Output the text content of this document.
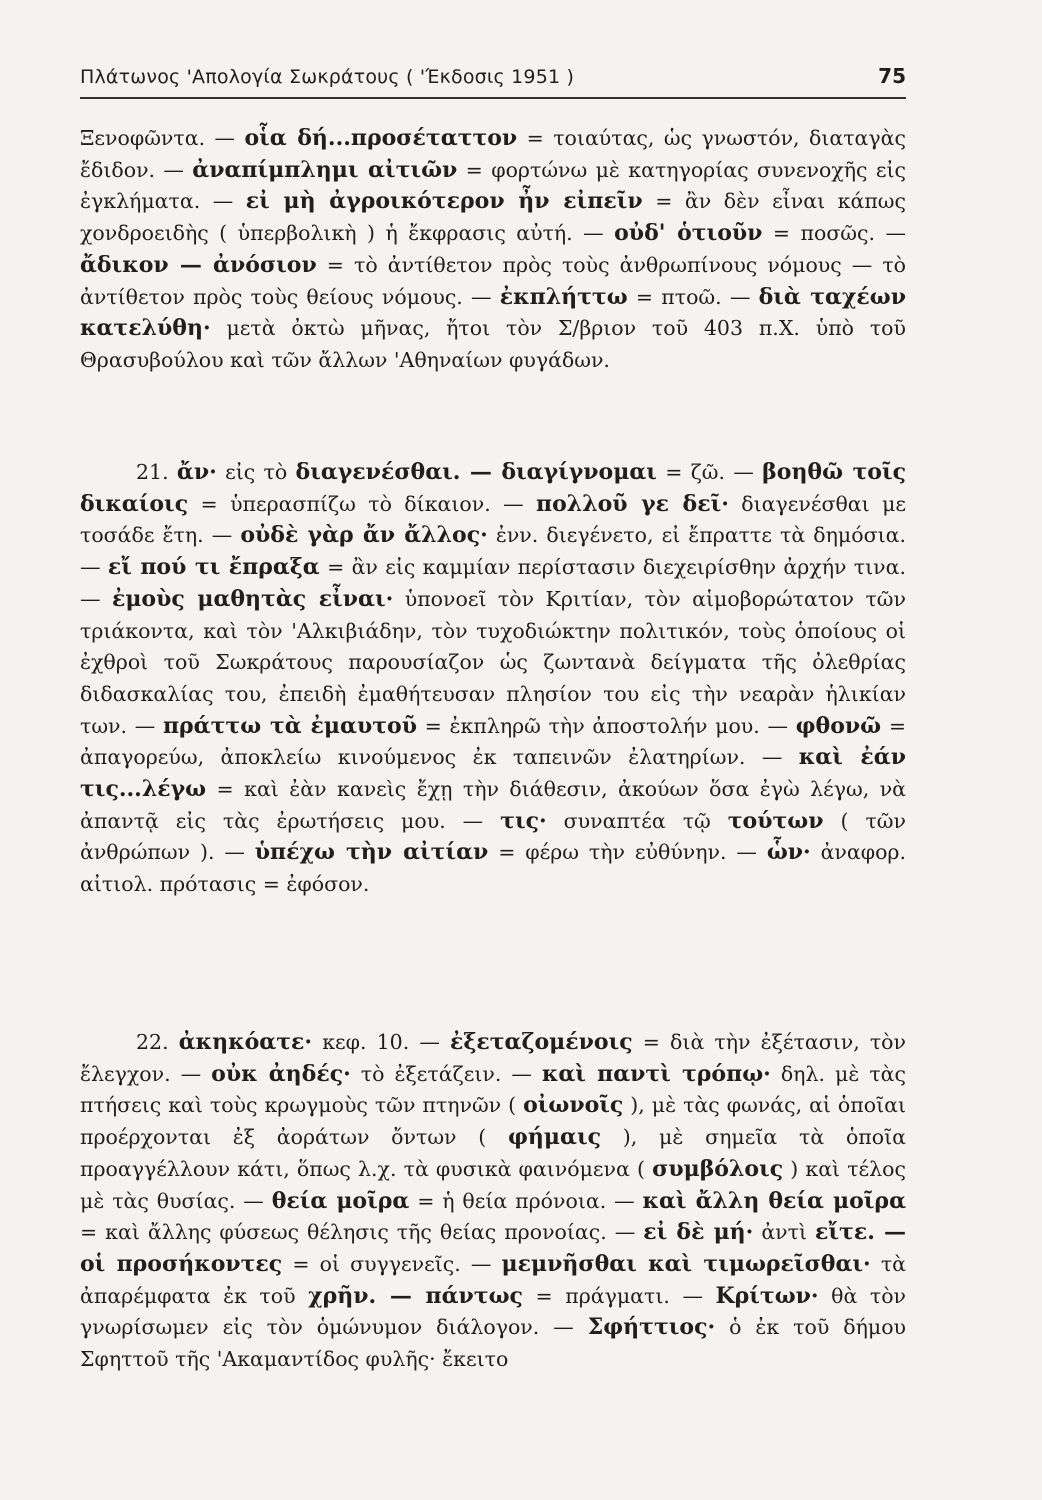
Πλάτωνος 'Απολογία Σωκράτους ( 'Έκδοσις 1951 )	75

Ξενοφῶντα. — οἷα δή...προσέταττον = τοιαύτας, ὡς γνωστόν, διαταγὰς ἔδιδον. — ἀναπίμπλημι αἰτιῶν = φορτώνω μὲ κατηγορίας συνενοχῆς εἰς ἐγκλήματα. — εἰ μὴ ἀγροικότερον ἦν εἰπεῖν = ἂν δὲν εἶναι κάπως χονδροειδὴς ( ὑπερβολικὴ ) ἡ ἔκφρασις αὐτή. — οὐδ' ὁτιοῦν = ποσῶς. — ἄδικον — ἀνόσιον = τὸ ἀντίθετον πρὸς τοὺς ἀνθρωπίνους νόμους — τὸ ἀντίθετον πρὸς τοὺς θείους νόμους. — ἐκπλήττω = πτοῶ. — διὰ ταχέων κατελύθη· μετὰ ὀκτὼ μῆνας, ἤτοι τὸν Σ/βριον τοῦ 403 π.Χ. ὑπὸ τοῦ Θρασυβούλου καὶ τῶν ἄλλων 'Αθηναίων φυγάδων.

21. ἄν· εἰς τὸ διαγενέσθαι. — διαγίγνομαι = ζῶ. — βοηθῶ τοῖς δικαίοις = ὑπερασπίζω τὸ δίκαιον. — πολλοῦ γε δεῖ· διαγενέσθαι με τοσάδε ἔτη. — οὐδὲ γὰρ ἄν ἄλλος· ἐνν. διεγένετο, εἰ ἔπραττε τὰ δημόσια. — εἴ πού τι ἔπραξα = ἂν εἰς καμμίαν περίστασιν διεχειρίσθην ἀρχήν τινα. — ἐμοὺς μαθητὰς εἶναι· ὑπονοεῖ τὸν Κριτίαν, τὸν αἱμοβορώτατον τῶν τριάκοντα, καὶ τὸν 'Αλκιβιάδην, τὸν τυχοδιώκτην πολιτικόν, τοὺς ὁποίους οἱ ἐχθροὶ τοῦ Σωκράτους παρουσίαζον ὡς ζωντανὰ δείγματα τῆς ὀλεθρίας διδασκαλίας του, ἐπειδὴ ἐμαθήτευσαν πλησίον του εἰς τὴν νεαρὰν ἡλικίαν των. — πράττω τὰ ἐμαυτοῦ = ἐκπληρῶ τὴν ἀποστολήν μου. — φθονῶ = ἀπαγορεύω, ἀποκλείω κινούμενος ἐκ ταπεινῶν ἐλατηρίων. — καὶ ἐάν τις...λέγω = καὶ ἐὰν κανεὶς ἔχῃ τὴν διάθεσιν, ἀκούων ὅσα ἐγὼ λέγω, νὰ ἀπαντᾷ εἰς τὰς ἐρωτήσεις μου. — τις· συναπτέα τῷ τούτων ( τῶν ἀνθρώπων ). — ὑπέχω τὴν αἰτίαν = φέρω τὴν εὐθύνην. — ὧν· ἀναφορ. αἰτιολ. πρότασις = ἐφόσον.

22. ἀκηκόατε· κεφ. 10. — ἐξεταζομένοις = διὰ τὴν ἐξέτασιν, τὸν ἔλεγχον. — οὐκ ἀηδές· τὸ ἐξετάζειν. — καὶ παντὶ τρόπῳ· δηλ. μὲ τὰς πτήσεις καὶ τοὺς κρωγμοὺς τῶν πτηνῶν ( οἰωνοῖς ), μὲ τὰς φωνάς, αἱ ὁποῖαι προέρχονται ἐξ ἀοράτων ὄντων ( φήμαις ), μὲ σημεῖα τὰ ὁποῖα προαγγέλλουν κάτι, ὅπως λ.χ. τὰ φυσικὰ φαινόμενα ( συμβόλοις ) καὶ τέλος μὲ τὰς θυσίας. — θεία μοῖρα = ἡ θεία πρόνοια. — καὶ ἄλλη θεία μοῖρα = καὶ ἄλλης φύσεως θέλησις τῆς θείας προνοίας. — εἰ δὲ μή· ἀντὶ εἴτε. — οἱ προσήκοντες = οἱ συγγενεῖς. — μεμνῆσθαι καὶ τιμωρεῖσθαι· τὰ ἀπαρέμφατα ἐκ τοῦ χρῆν. — πάντως = πράγματι. — Κρίτων· θὰ τὸν γνωρίσωμεν εἰς τὸν ὁμώνυμον διάλογον. — Σφήττιος· ὁ ἐκ τοῦ δήμου Σφηττοῦ τῆς 'Ακαμαντίδος φυλῆς· ἔκειτο
